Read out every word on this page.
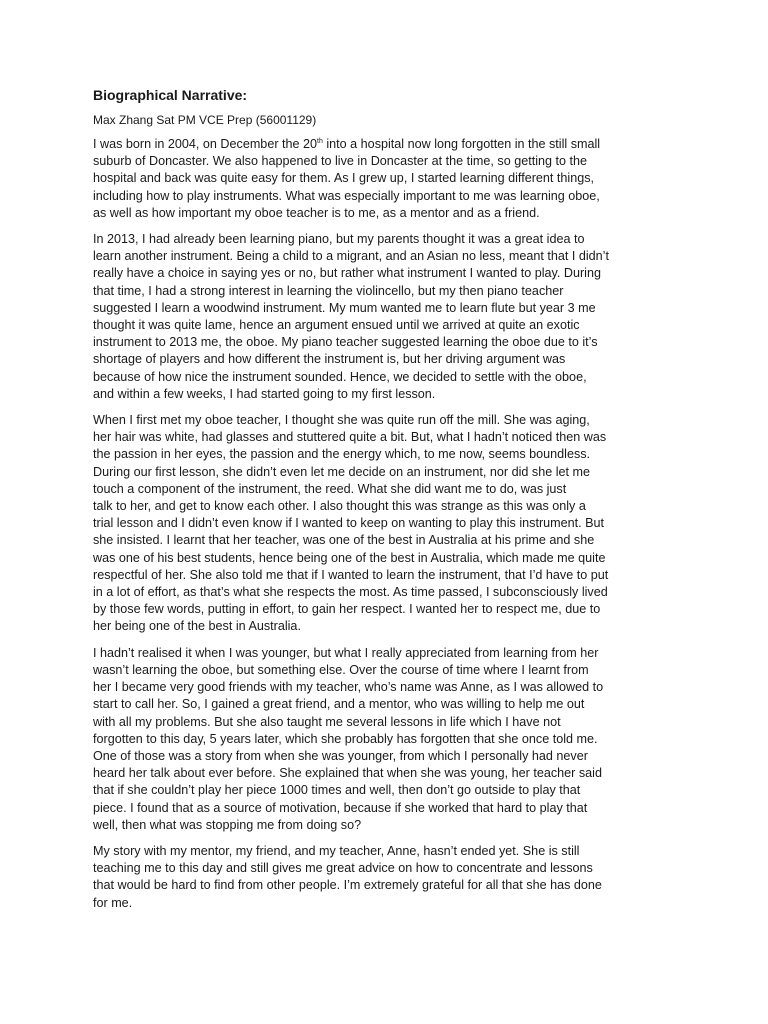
Biographical Narrative:
Max Zhang Sat PM VCE Prep (56001129)

I was born in 2004, on December the 20th into a hospital now long forgotten in the still small
suburb of Doncaster. We also happened to live in Doncaster at the time, so getting to the
hospital and back was quite easy for them. As I grew up, I started learning different things,
including how to play instruments. What was especially important to me was learning oboe,
as well as how important my oboe teacher is to me, as a mentor and as a friend.

In 2013, I had already been learning piano, but my parents thought it was a great idea to
learn another instrument. Being a child to a migrant, and an Asian no less, meant that I didn’t
really have a choice in saying yes or no, but rather what instrument I wanted to play. During
that time, I had a strong interest in learning the violincello, but my then piano teacher
suggested I learn a woodwind instrument. My mum wanted me to learn flute but year 3 me
thought it was quite lame, hence an argument ensued until we arrived at quite an exotic
instrument to 2013 me, the oboe. My piano teacher suggested learning the oboe due to it’s
shortage of players and how different the instrument is, but her driving argument was
because of how nice the instrument sounded. Hence, we decided to settle with the oboe,
and within a few weeks, I had started going to my first lesson.

When I first met my oboe teacher, I thought she was quite run off the mill. She was aging,
her hair was white, had glasses and stuttered quite a bit. But, what I hadn’t noticed then was
the passion in her eyes, the passion and the energy which, to me now, seems boundless.
During our first lesson, she didn’t even let me decide on an instrument, nor did she let me
touch a component of the instrument, the reed. What she did want me to do, was just
talk to her, and get to know each other. I also thought this was strange as this was only a
trial lesson and I didn’t even know if I wanted to keep on wanting to play this instrument. But
she insisted. I learnt that her teacher, was one of the best in Australia at his prime and she
was one of his best students, hence being one of the best in Australia, which made me quite
respectful of her. She also told me that if I wanted to learn the instrument, that I’d have to put
in a lot of effort, as that’s what she respects the most. As time passed, I subconsciously lived
by those few words, putting in effort, to gain her respect. I wanted her to respect me, due to
her being one of the best in Australia.

I hadn’t realised it when I was younger, but what I really appreciated from learning from her
wasn’t learning the oboe, but something else. Over the course of time where I learnt from
her I became very good friends with my teacher, who’s name was Anne, as I was allowed to
start to call her. So, I gained a great friend, and a mentor, who was willing to help me out
with all my problems. But she also taught me several lessons in life which I have not
forgotten to this day, 5 years later, which she probably has forgotten that she once told me.
One of those was a story from when she was younger, from which I personally had never
heard her talk about ever before. She explained that when she was young, her teacher said
that if she couldn’t play her piece 1000 times and well, then don’t go outside to play that
piece. I found that as a source of motivation, because if she worked that hard to play that
well, then what was stopping me from doing so?

My story with my mentor, my friend, and my teacher, Anne, hasn’t ended yet. She is still
teaching me to this day and still gives me great advice on how to concentrate and lessons
that would be hard to find from other people. I’m extremely grateful for all that she has done
for me.
